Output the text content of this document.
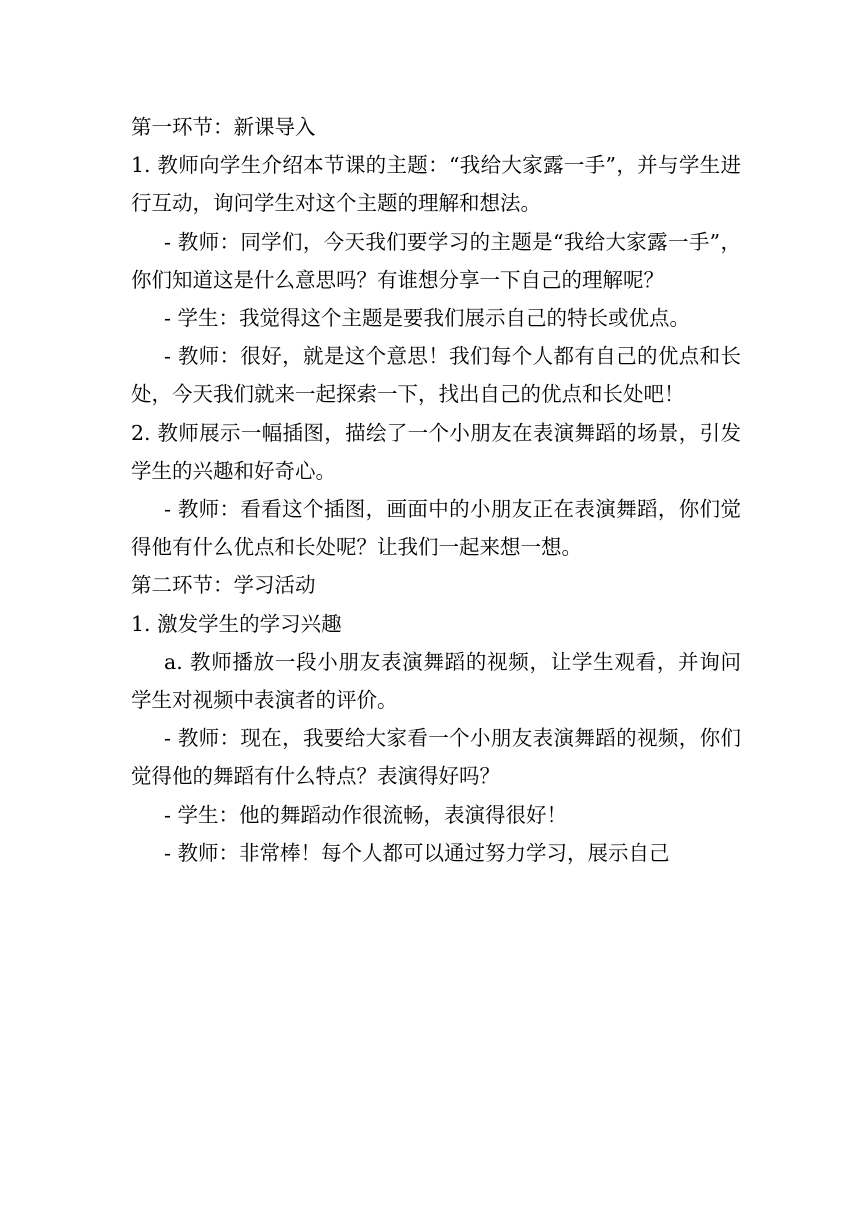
第一环节：新课导入

1. 教师向学生介绍本节课的主题：“我给大家露一手”，并与学生进行互动，询问学生对这个主题的理解和想法。

- 教师：同学们，今天我们要学习的主题是“我给大家露一手”，你们知道这是什么意思吗？有谁想分享一下自己的理解呢？

- 学生：我觉得这个主题是要我们展示自己的特长或优点。

- 教师：很好，就是这个意思！我们每个人都有自己的优点和长处，今天我们就来一起探索一下，找出自己的优点和长处吧！

2. 教师展示一幅插图，描绘了一个小朋友在表演舞蹈的场景，引发学生的兴趣和好奇心。

- 教师：看看这个插图，画面中的小朋友正在表演舞蹈，你们觉得他有什么优点和长处呢？让我们一起来想一想。

第二环节：学习活动

1. 激发学生的学习兴趣

a. 教师播放一段小朋友表演舞蹈的视频，让学生观看，并询问学生对视频中表演者的评价。

- 教师：现在，我要给大家看一个小朋友表演舞蹈的视频，你们觉得他的舞蹈有什么特点？表演得好吗？

- 学生：他的舞蹈动作很流畅，表演得很好！

- 教师：非常棒！每个人都可以通过努力学习，展示自己
